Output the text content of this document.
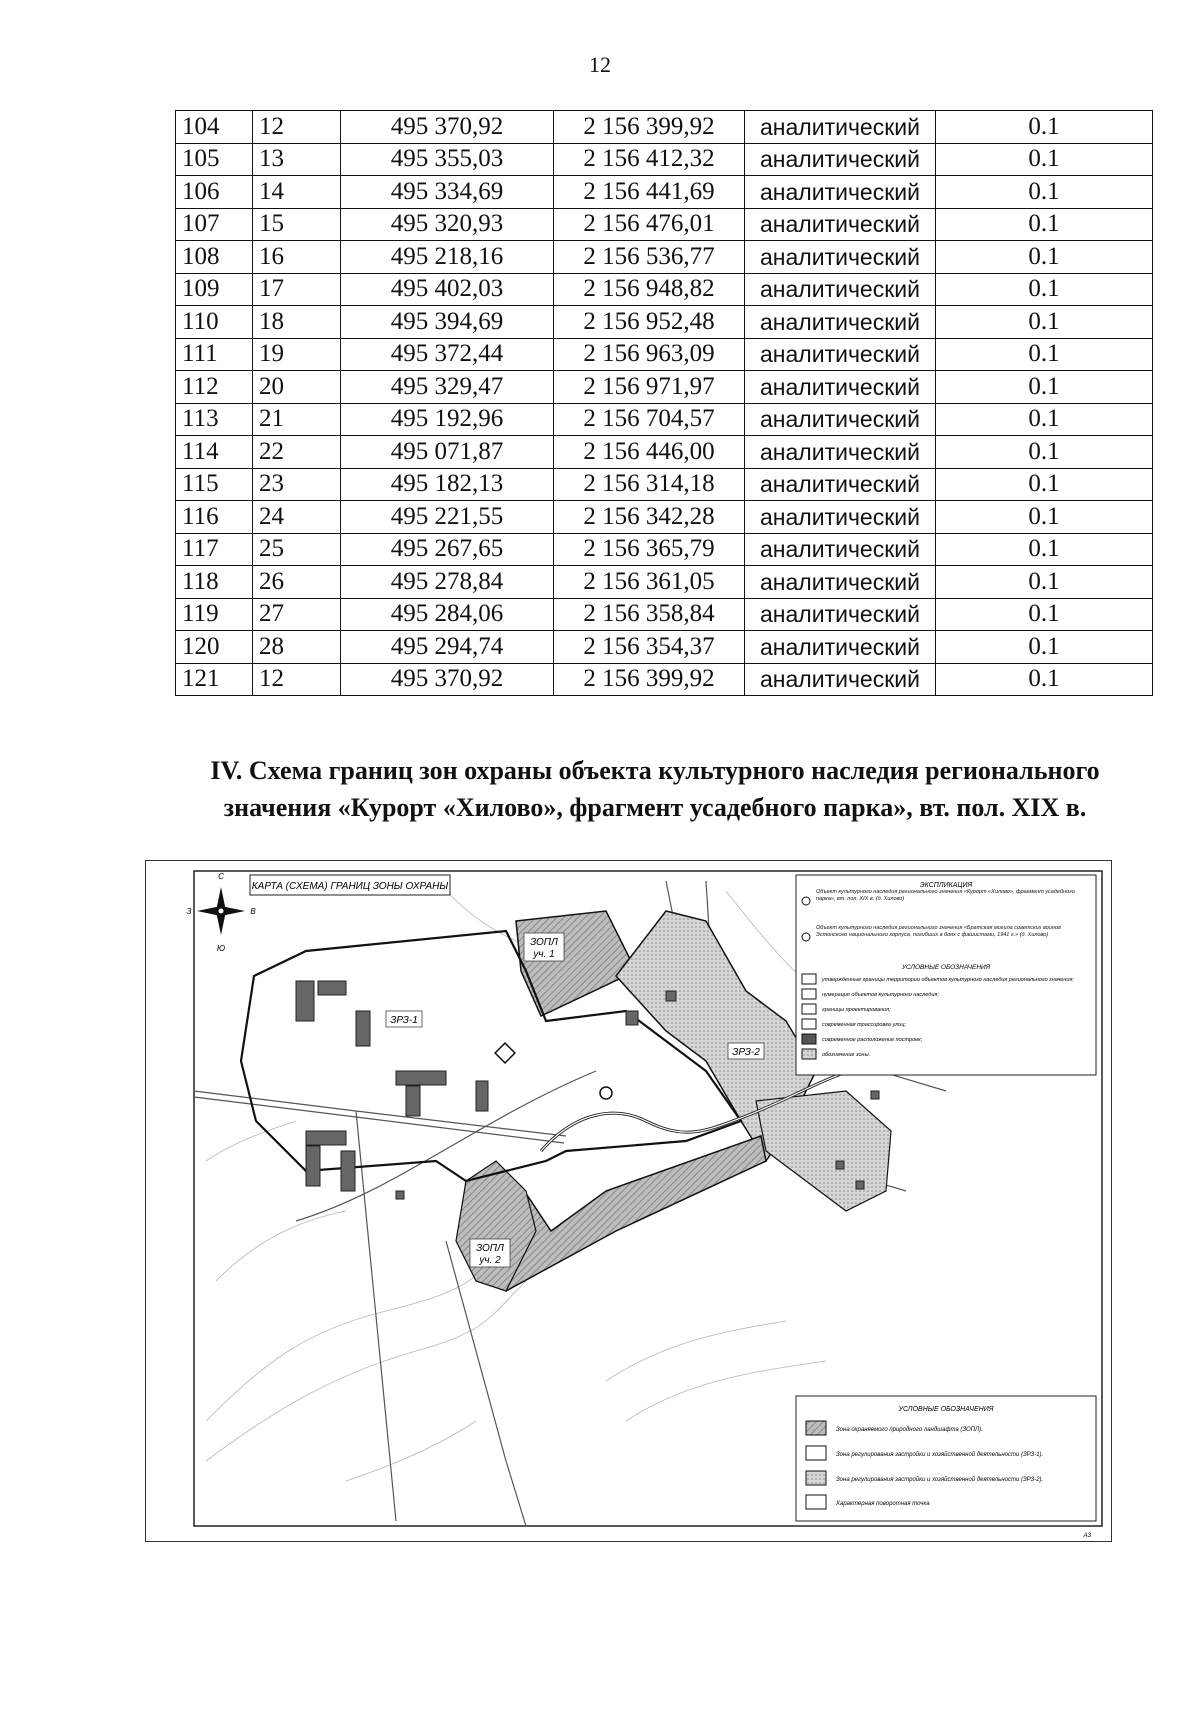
12
104	12	495 370,92	2 156 399,92	аналитический	0.1
105	13	495 355,03	2 156 412,32	аналитический	0.1
106	14	495 334,69	2 156 441,69	аналитический	0.1
107	15	495 320,93	2 156 476,01	аналитический	0.1
108	16	495 218,16	2 156 536,77	аналитический	0.1
109	17	495 402,03	2 156 948,82	аналитический	0.1
110	18	495 394,69	2 156 952,48	аналитический	0.1
111	19	495 372,44	2 156 963,09	аналитический	0.1
112	20	495 329,47	2 156 971,97	аналитический	0.1
113	21	495 192,96	2 156 704,57	аналитический	0.1
114	22	495 071,87	2 156 446,00	аналитический	0.1
115	23	495 182,13	2 156 314,18	аналитический	0.1
116	24	495 221,55	2 156 342,28	аналитический	0.1
117	25	495 267,65	2 156 365,79	аналитический	0.1
118	26	495 278,84	2 156 361,05	аналитический	0.1
119	27	495 284,06	2 156 358,84	аналитический	0.1
120	28	495 294,74	2 156 354,37	аналитический	0.1
121	12	495 370,92	2 156 399,92	аналитический	0.1
IV. Схема границ зон охраны объекта культурного наследия регионального
значения «Курорт «Хилово», фрагмент усадебного парка», вт. пол. XIX в.
С
Ю
З	В
КАРТА (СХЕМА) ГРАНИЦ ЗОНЫ ОХРАНЫ
ЗОПЛ
уч. 1
ЗОПЛ
уч. 2
ЗРЗ-1
ЗРЗ-2
ЭКСПЛИКАЦИЯ
Объект культурного наследия регионального значения «Курорт «Хилово», фрагмент усадебного парка», вт. пол. XIX в. (д. Хилово)
Объект культурного наследия регионального значения «Братская могила советских воинов Эстонского национального корпуса, погибших в боях с фашистами, 1941 г.» (д. Хилово)
УСЛОВНЫЕ ОБОЗНАЧЕНИЯ
утвержденные границы территории объектов культурного наследия регионального значения;
нумерация объектов культурного наследия;
границы проектирования;
современная трассировка улиц;
современное расположение построек;
обозначение зоны.
УСЛОВНЫЕ ОБОЗНАЧЕНИЯ
Зона охраняемого природного ландшафта (ЗОПЛ).
Зона регулирования застройки и хозяйственной деятельности (ЗРЗ-1).
Зона регулирования застройки и хозяйственной деятельности (ЗРЗ-2).
Характерная поворотная точка
А3
